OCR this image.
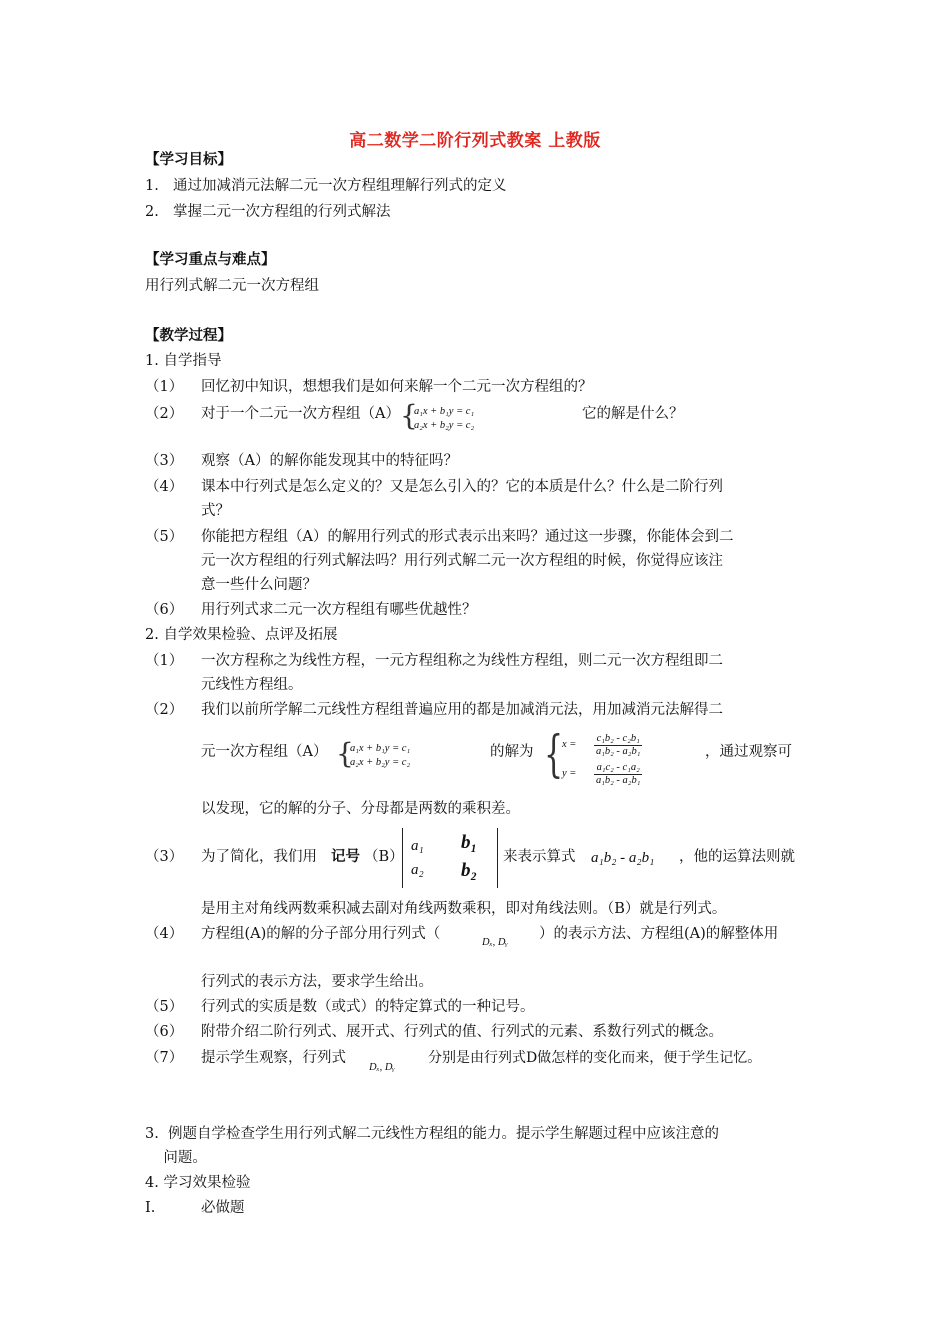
高二数学二阶行列式教案 上教版
【学习目标】
1. 通过加减消元法解二元一次方程组理解行列式的定义
2. 掌握二元一次方程组的行列式解法
【学习重点与难点】
用行列式解二元一次方程组
【教学过程】
1. 自学指导
（1） 回忆初中知识，想想我们是如何来解一个二元一次方程组的？
（2） 对于一个二元一次方程组（A） {
a₁x + b₁y = c₁
a₂x + b₂y = c₂
它的解是什么？
（3） 观察（A）的解你能发现其中的特征吗？
（4） 课本中行列式是怎么定义的？又是怎么引入的？它的本质是什么？什么是二阶行列
式？
（5） 你能把方程组（A）的解用行列式的形式表示出来吗？通过这一步骤，你能体会到二
元一次方程组的行列式解法吗？用行列式解二元一次方程组的时候，你觉得应该注
意一些什么问题？
（6） 用行列式求二元一次方程组有哪些优越性？
2. 自学效果检验、点评及拓展
（1） 一次方程称之为线性方程，一元方程组称之为线性方程组，则二元一次方程组即二
元线性方程组。
（2） 我们以前所学解二元线性方程组普遍应用的都是加减消元法，用加减消元法解得二
元一次方程组（A） {
a₁x + b₁y = c₁
a₂x + b₂y = c₂
的解为 {
$x = \frac{\text{c₁b₂ - c₂b₁}}{\text{a₁b₂ - a₂b₁}}$
$y = \frac{\text{a₁c₂ - c₁a₂}}{\text{a₁b₂ - a₂b₁}}$
，通过观察可
以发现，它的解的分子、分母都是两数的乘积差。
（3） 为了简化，我们用 记号 （B）
a₁ b₁
a₂ b₂
来表示算式 a₁b₂ - a₂b₁ ，他的运算法则就
是用主对角线两数乘积减去副对角线两数乘积，即对角线法则。（B）就是行列式。
（4） 方程组(A)的解的分子部分用行列式（
Dₓ, Dᵧ
）的表示方法、方程组(A)的解整体用
行列式的表示方法，要求学生给出。
（5） 行列式的实质是数（或式）的特定算式的一种记号。
（6） 附带介绍二阶行列式、展开式、行列式的值、行列式的元素、系数行列式的概念。
（7） 提示学生观察，行列式
Dₓ, Dᵧ
分别是由行列式D做怎样的变化而来，便于学生记忆。
3.  例题自学检查学生用行列式解二元线性方程组的能力。提示学生解题过程中应该注意的
问题。
4. 学习效果检验
I.	必做题
